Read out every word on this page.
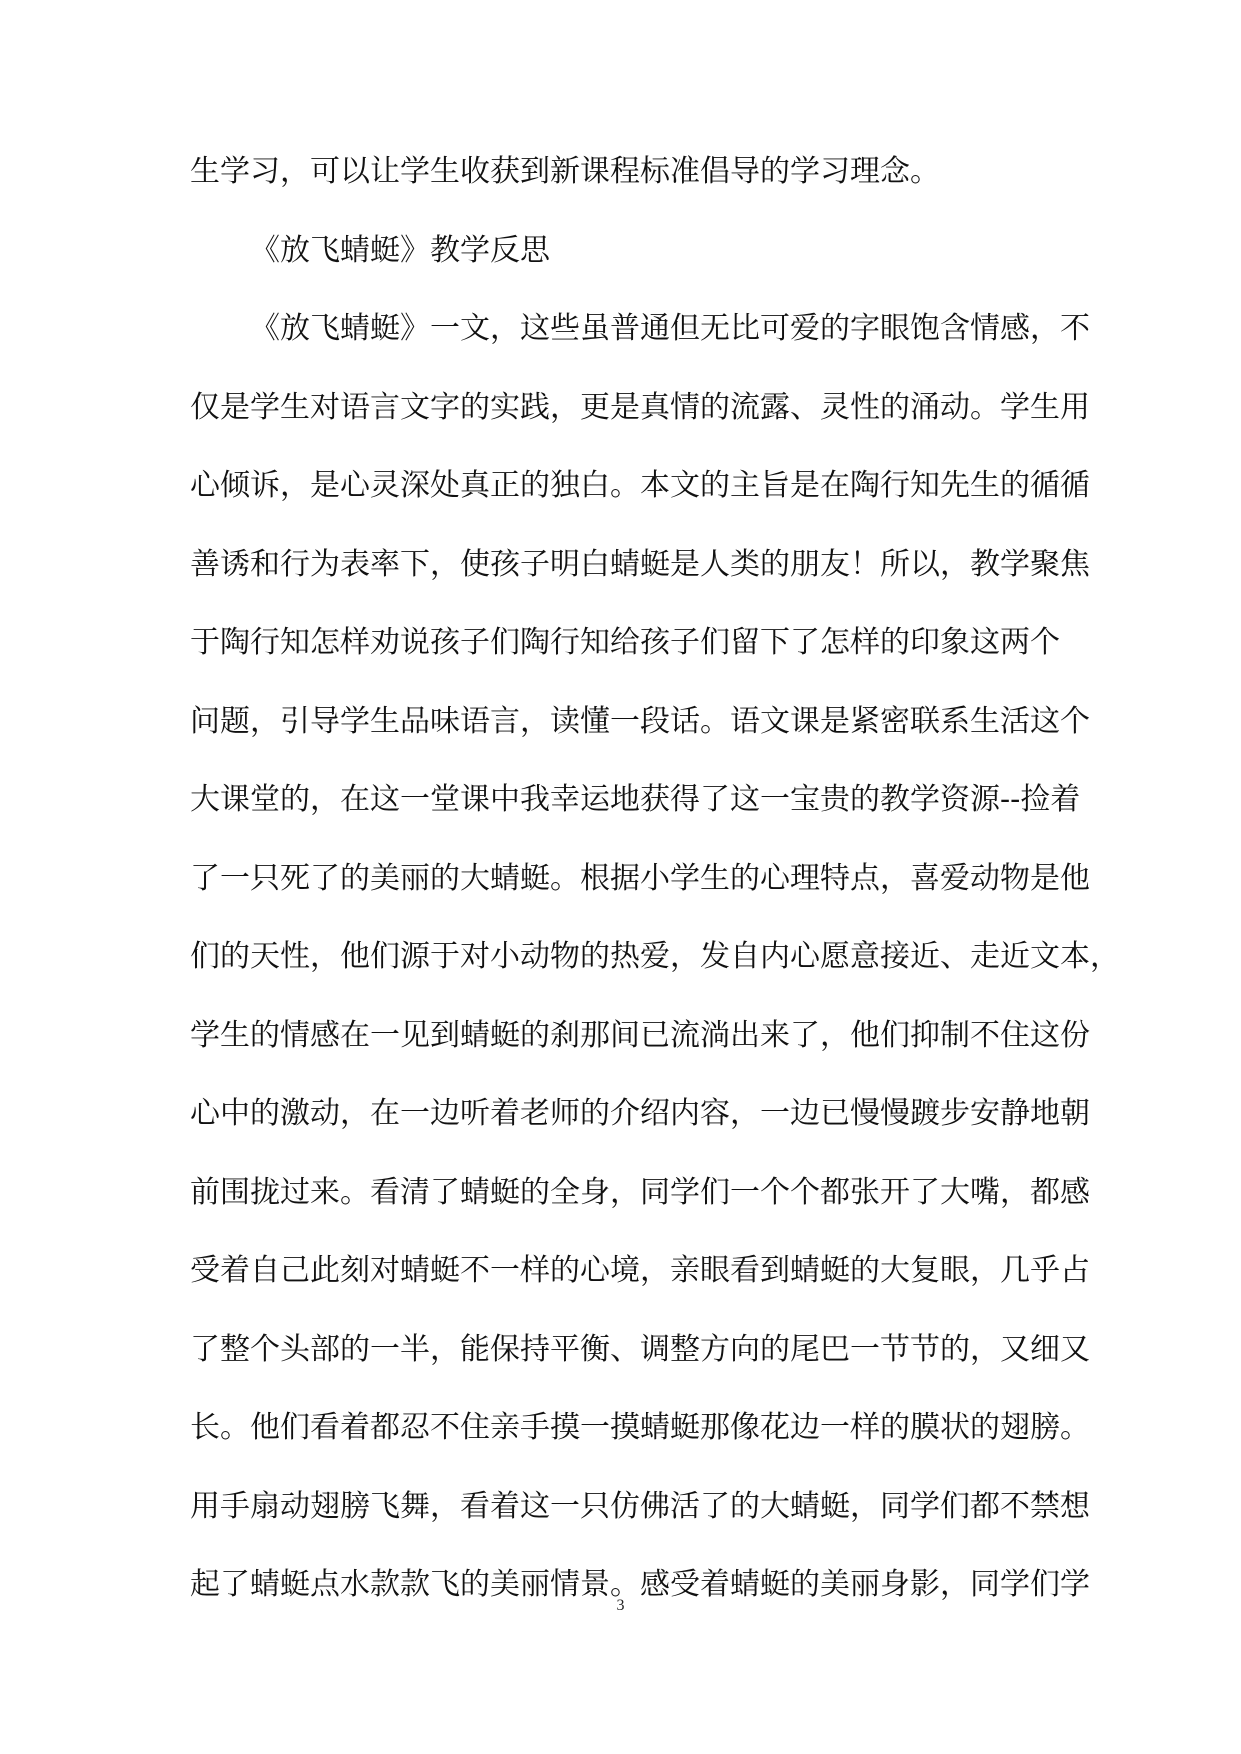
生学习，可以让学生收获到新课程标准倡导的学习理念。

《放飞蜻蜓》教学反思

《放飞蜻蜓》一文，这些虽普通但无比可爱的字眼饱含情感，不

仅是学生对语言文字的实践，更是真情的流露、灵性的涌动。学生用

心倾诉，是心灵深处真正的独白。本文的主旨是在陶行知先生的循循

善诱和行为表率下，使孩子明白蜻蜓是人类的朋友！所以，教学聚焦

于陶行知怎样劝说孩子们陶行知给孩子们留下了怎样的印象这两个

问题，引导学生品味语言，读懂一段话。语文课是紧密联系生活这个

大课堂的，在这一堂课中我幸运地获得了这一宝贵的教学资源--捡着

了一只死了的美丽的大蜻蜓。根据小学生的心理特点，喜爱动物是他

们的天性，他们源于对小动物的热爱，发自内心愿意接近、走近文本，

学生的情感在一见到蜻蜓的刹那间已流淌出来了，他们抑制不住这份

心中的激动，在一边听着老师的介绍内容，一边已慢慢踱步安静地朝

前围拢过来。看清了蜻蜓的全身，同学们一个个都张开了大嘴，都感

受着自己此刻对蜻蜓不一样的心境，亲眼看到蜻蜓的大复眼，几乎占

了整个头部的一半，能保持平衡、调整方向的尾巴一节节的，又细又

长。他们看着都忍不住亲手摸一摸蜻蜓那像花边一样的膜状的翅膀。

用手扇动翅膀飞舞，看着这一只仿佛活了的大蜻蜓，同学们都不禁想

起了蜻蜓点水款款飞的美丽情景。感受着蜻蜓的美丽身影，同学们学

3
